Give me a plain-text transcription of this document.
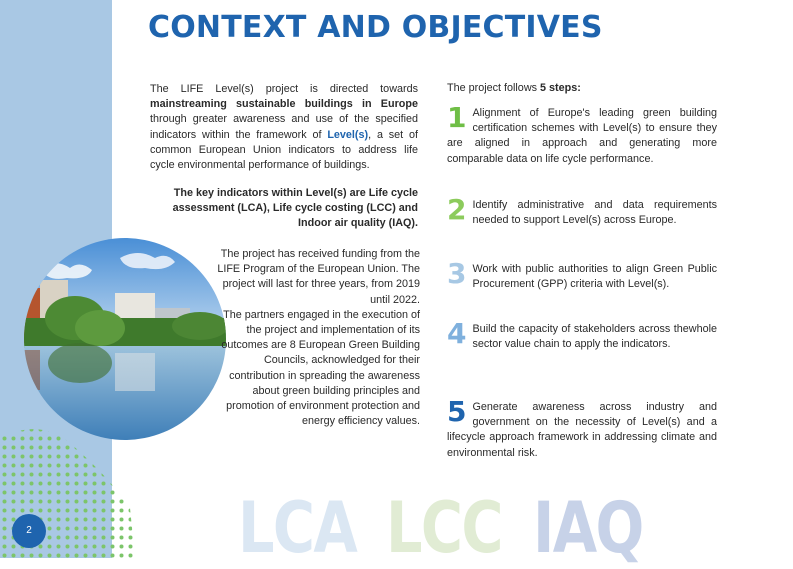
CONTEXT AND OBJECTIVES
The LIFE Level(s) project is directed towards mainstreaming sustainable buildings in Europe through greater awareness and use of the specified indicators within the framework of Level(s), a set of common European Union indicators to address life cycle environmental performance of buildings.
The key indicators within Level(s) are Life cycle assessment (LCA), Life cycle costing (LCC) and Indoor air quality (IAQ).
The project has received funding from the LIFE Program of the European Union. The project will last for three years, from 2019 until 2022.
The partners engaged in the execution of the project and implementation of its outcomes are 8 European Green Building Councils, acknowledged for their contribution in spreading the awareness about green building principles and promotion of environment protection and energy efficiency values.
The project follows 5 steps:
1 Alignment of Europe's leading green building certification schemes with Level(s) to ensure they are aligned in approach and generating more comparable data on life cycle performance.
2 Identify administrative and data requirements needed to support Level(s) across Europe.
3 Work with public authorities to align Green Public Procurement (GPP) criteria with Level(s).
4 Build the capacity of stakeholders across thewhole sector value chain to apply the indicators.
5 Generate awareness across industry and government on the necessity of Level(s) and a lifecycle approach framework in addressing climate and environmental risk.
LCA LCC IAQ
2
